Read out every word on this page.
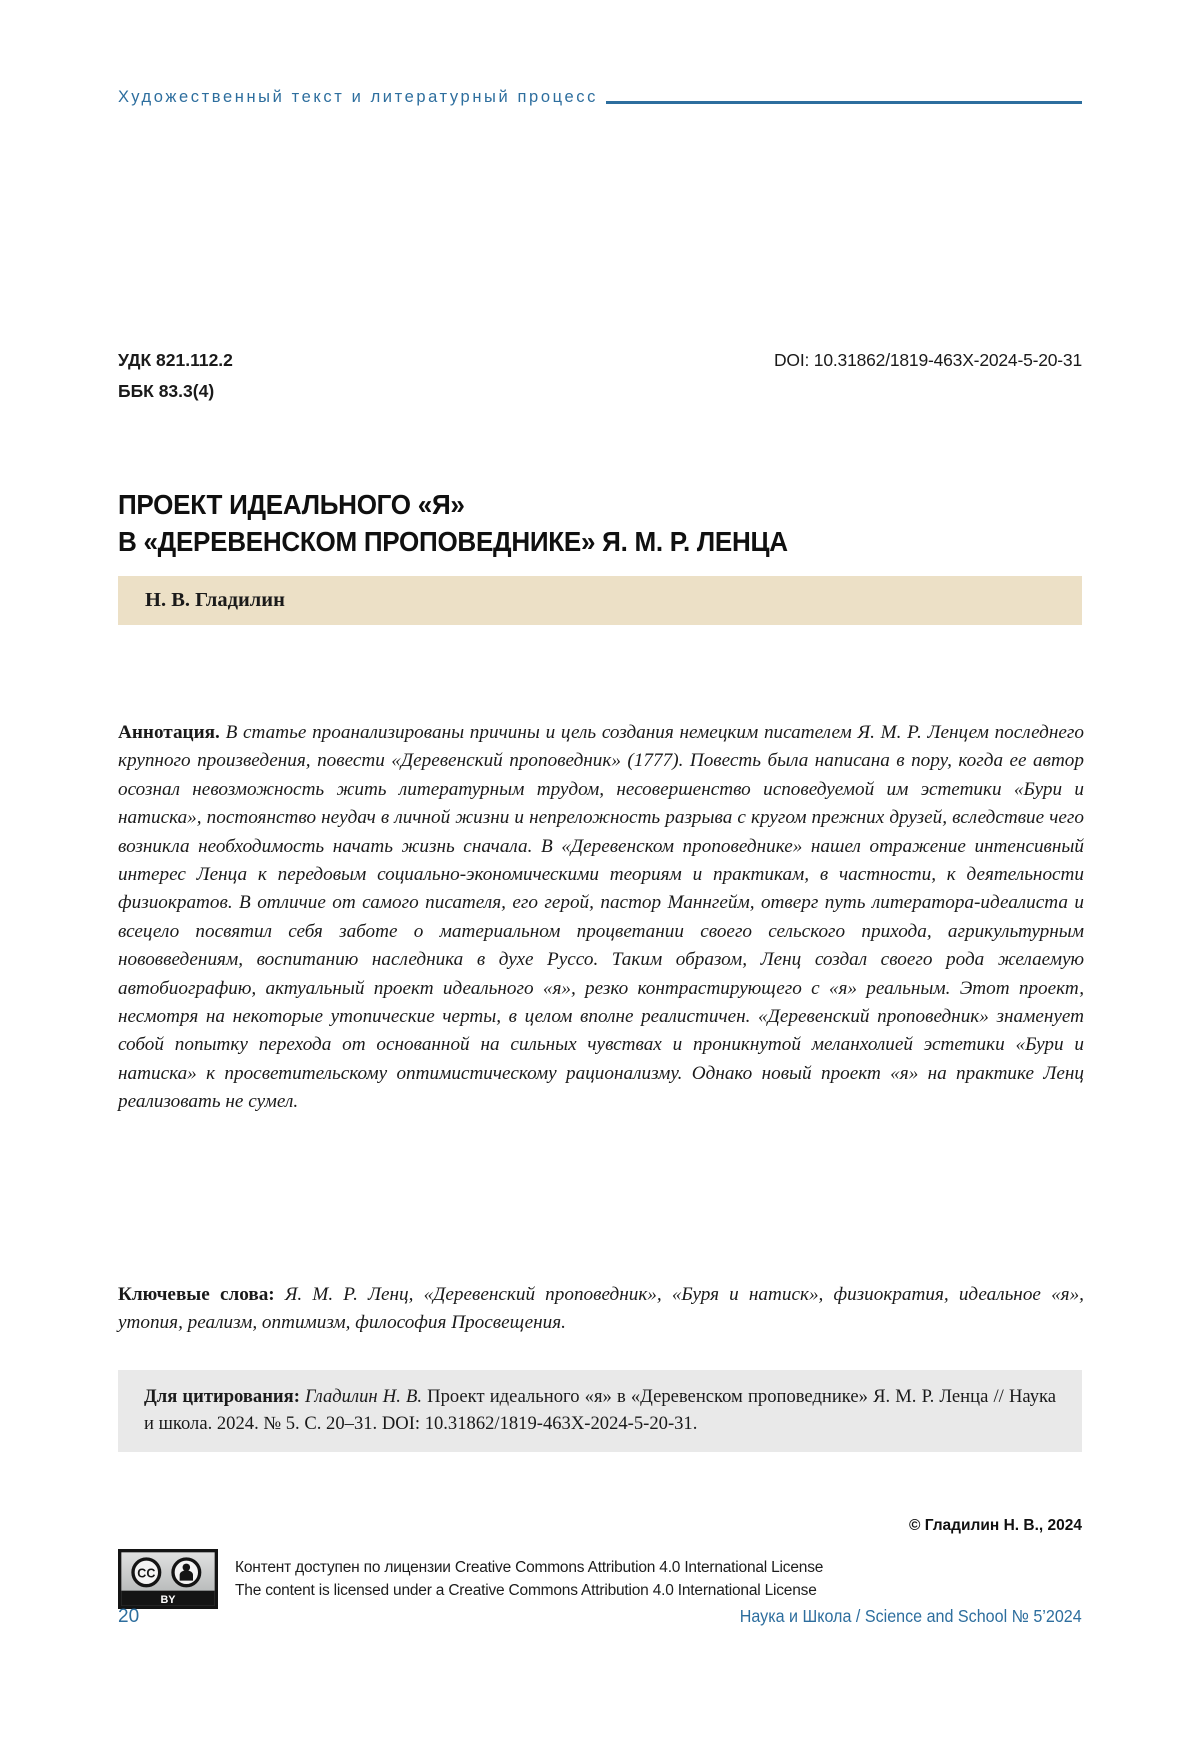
Художественный текст и литературный процесс
УДК 821.112.2	DOI: 10.31862/1819-463X-2024-5-20-31
ББК 83.3(4)
ПРОЕКТ ИДЕАЛЬНОГО «Я»
В «ДЕРЕВЕНСКОМ ПРОПОВЕДНИКЕ» Я. М. Р. ЛЕНЦА
Н. В. Гладилин

Аннотация. В статье проанализированы причины и цель создания немецким писателем Я. М. Р. Ленцем последнего крупного произведения, повести «Деревенский проповедник» (1777). Повесть была написана в пору, когда ее автор осознал невозможность жить литературным трудом, несовершенство исповедуемой им эстетики «Бури и натиска», постоянство неудач в личной жизни и непреложность разрыва с кругом прежних друзей, вследствие чего возникла необходимость начать жизнь сначала. В «Деревенском проповеднике» нашел отражение интенсивный интерес Ленца к передовым социально-экономическими теориям и практикам, в частности, к деятельности физиократов. В отличие от самого писателя, его герой, пастор Маннгейм, отверг путь литератора-идеалиста и всецело посвятил себя заботе о материальном процветании своего сельского прихода, агрикультурным нововведениям, воспитанию наследника в духе Руссо. Таким образом, Ленц создал своего рода желаемую автобиографию, актуальный проект идеального «я», резко контрастирующего с «я» реальным. Этот проект, несмотря на некоторые утопические черты, в целом вполне реалистичен. «Деревенский проповедник» знаменует собой попытку перехода от основанной на сильных чувствах и проникнутой меланхолией эстетики «Бури и натиска» к просветительскому оптимистическому рационализму. Однако новый проект «я» на практике Ленц реализовать не сумел.

Ключевые слова: Я. М. Р. Ленц, «Деревенский проповедник», «Буря и натиск», физиократия, идеальное «я», утопия, реализм, оптимизм, философия Просвещения.

Для цитирования: Гладилин Н. В. Проект идеального «я» в «Деревенском проповеднике» Я. М. Р. Ленца // Наука и школа. 2024. № 5. С. 20–31. DOI: 10.31862/1819-463X-2024-5-20-31.
© Гладилин Н. В., 2024
CC
BY
Контент доступен по лицензии Creative Commons Attribution 4.0 International License
The content is licensed under a Creative Commons Attribution 4.0 International License
20	Наука и Школа / Science and School № 5’2024
